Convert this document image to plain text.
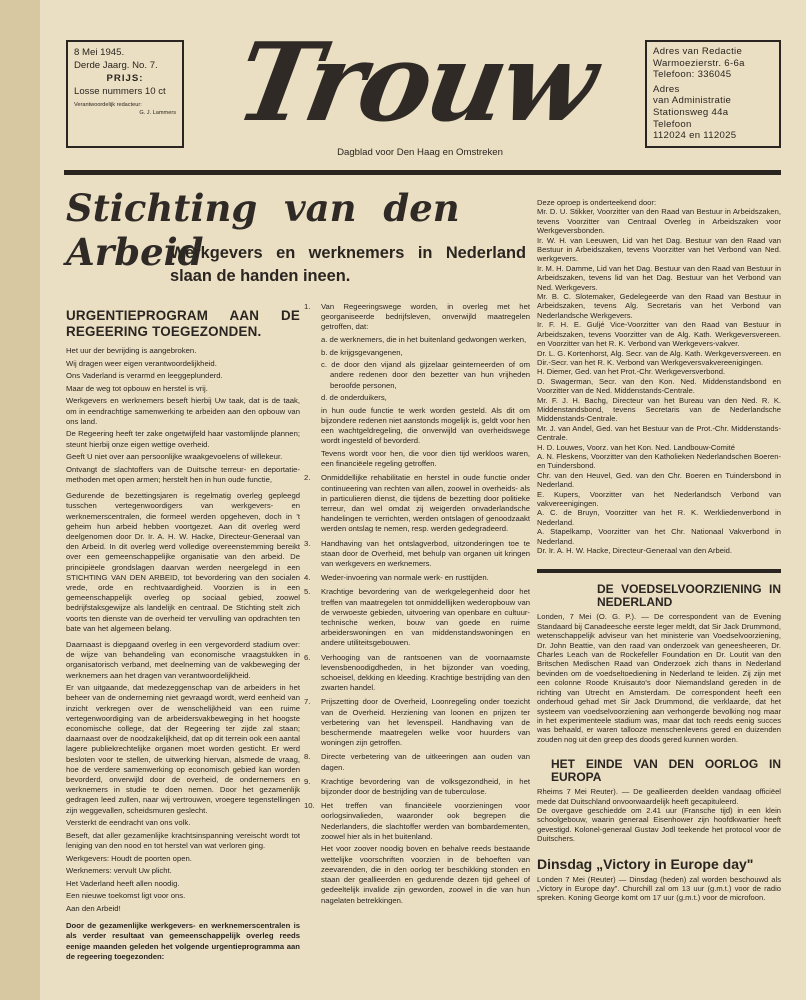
8 Mei 1945.
Derde Jaarg. No. 7.
PRIJS:
Losse nummers 10 ct
Verantwoordelijk redacteur:
G. J. Lammers Trouw
Dagblad voor Den Haag en Omstreken
Adres van Redactie
Warmoezierstr. 6-6a
Telefoon: 336045
Adres
van Administratie
Stationsweg 44a
Telefoon
112024 en 112025
Stichting van den Arbeid
Werkgevers en werknemers in Nederland slaan de handen ineen.
URGENTIEPROGRAM AAN DE REGEERING TOEGEZONDEN.

Het uur der bevrijding is aangebroken.

Wij dragen weer eigen verantwoordelijkheid.

Ons Vaderland is verarmd en leeggeplunderd.

Maar de weg tot opbouw en herstel is vrij.

Werkgevers en werknemers beseft hierbij Uw taak, dat is de taak, om in eendrachtige samenwerking te arbeiden aan den opbouw van ons land.

De Regeering heeft ter zake ongetwijfeld haar vastomlijnde plannen; steunt hierbij onze eigen wettige overheid.

Geeft U niet over aan persoonlijke wraakgevoelens of willekeur.

Ontvangt de slachtoffers van de Duitsche terreur- en deportatie-methoden met open armen; herstelt hen in hun oude functie,

Gedurende de bezettingsjaren is regelmatig overleg gepleegd tusschen vertegenwoordigers van werkgevers- en werknemerscentralen, die formeel werden opgeheven, doch in 't geheim hun arbeid hebben voortgezet. Aan dit overleg werd deelgenomen door Dr. Ir. A. H. W. Hacke, Directeur-Generaal van den Arbeid. In dit overleg werd volledige overeenstemming bereikt over een gemeenschappelijke organisatie van den arbeid. De principiëele grondslagen daarvan werden neergelegd in een STICHTING VAN DEN ARBEID, tot bevordering van den socialen vrede, orde en rechtvaardigheid. Voorzien is in een gemeenschappelijk overleg op sociaal gebied, zoowel bedrijfstaksgewijze als landelijk en centraal. De Stichting stelt zich voorts ten dienste van de overheid ter vervulling van opdrachten ten bate van het algemeen belang.

Daarnaast is diepgaand overleg in een vergevorderd stadium over: de wijze van behandeling van economische vraagstukken in organisatorisch verband, met deelneming van de vakbeweging der werknemers aan het dragen van verantwoordelijkheid.

Er van uitgaande, dat medezeggenschap van de arbeiders in het beheer van de onderneming niet gevraagd wordt, werd eenheid van inzicht verkregen over de wenschelijkheid van een ruime vertegenwoordiging van de arbeidersvakbeweging in het hoogste economische college, dat der Regeering ter zijde zal staan; daarnaast over de noodzakelijkheid, dat op dit terrein ook een aantal lagere publiekrechtelijke organen moet worden gesticht. Er werd besloten voor te stellen, de uitwerking hiervan, alsmede de vraag, hoe de verdere samenwerking op economisch gebied kan worden bevorderd, onverwijld door de overheid, de ondernemers en werknemers in studie te doen nemen. Door het gezamenlijk gedragen leed zullen, naar wij vertrouwen, vroegere tegenstellingen zijn weggevallen, scheidsmuren geslecht.

Versterkt de eendracht van ons volk.

Beseft, dat aller gezamenlijke krachtsinspanning vereischt wordt tot leniging van den nood en tot herstel van wat verloren ging.

Werkgevers: Houdt de poorten open.

Werknemers: vervult Uw plicht.

Het Vaderland heeft allen noodig.

Een nieuwe toekomst ligt voor ons.

Aan den Arbeid!

Door de gezamenlijke werkgevers- en werknemerscentralen is als verder resultaat van gemeenschappelijk overleg reeds eenige maanden geleden het volgende urgentieprogramma aan de regeering toegezonden:

1. Van Regeeringswege worden, in overleg met het georganiseerde bedrijfsleven, onverwijld maatregelen getroffen, dat:

a. de werknemers, die in het buitenland gedwongen werken,

b. de krijgsgevangenen,

c. de door den vijand als gijzelaar geinterneerden of om andere redenen door den bezetter van hun vrijheden beroofde personen,

d. de onderduikers,

in hun oude functie te werk worden gesteld. Als dit om bijzondere redenen niet aanstonds mogelijk is, geldt voor hen een wachtgeldregeling, die onverwijld van overheidswege wordt ingesteld of bevorderd.

Tevens wordt voor hen, die voor dien tijd werkloos waren, een financiëele regeling getroffen.

2. Onmiddellijke rehabilitatie en herstel in oude functie onder continueering van rechten van allen, zoowel in overheids- als in particulieren dienst, die tijdens de bezetting door politieke terreur, dan wel omdat zij weigerden onvaderlandsche handelingen te verrichten, werden ontslagen of genoodzaakt werden ontslag te nemen, resp. werden gedegradeerd.

3. Handhaving van het ontslagverbod, uitzonderingen toe te staan door de Overheid, met behulp van organen uit kringen van werkgevers en werknemers.

4. Weder-invoering van normale werk- en rusttijden.

5. Krachtige bevordering van de werkgelegenheid door het treffen van maatregelen tot onmiddellijken wederopbouw van de verwoeste gebieden, uitvoering van openbare en cultuur-technische werken, bouw van goede en ruime arbeiderswoningen en van middenstandswoningen en andere utiliteitsgebouwen.

6. Verhooging van de rantsoenen van de voornaamste levensbenoodigdheden, in het bijzonder van voeding, schoeisel, dekking en kleeding. Krachtige bestrijding van den zwarten handel.

7. Prijszetting door de Overheid, Loonregeling onder toezicht van de Overheid. Herziening van loonen en prijzen ter verbetering van het levenspeil. Handhaving van de beschermende maatregelen welke voor huurders van woningen zijn getroffen.

8. Directe verbetering van de uitkeeringen aan ouden van dagen.

9. Krachtige bevordering van de volksgezondheid, in het bijzonder door de bestrijding van de tuberculose.

10. Het treffen van financiëele voorzieningen voor oorlogsinvalieden, waaronder ook begrepen die Nederlanders, die slachtoffer werden van bombardementen, zoowel hier als in het buitenland.

Het voor zoover noodig boven en behalve reeds bestaande wettelijke voorschriften voorzien in de behoeften van zeevarenden, die in den oorlog ter beschikking stonden en staan der geallieerden en gedurende dezen tijd geheel of gedeeltelijk invalide zijn geworden, zoowel in die van hun nagelaten betrekkingen.

Deze oproep is onderteekend door:

Mr. D. U. Stikker, Voorzitter van den Raad van Bestuur in Arbeidszaken, tevens Voorzitter van Centraal Overleg in Arbeidszaken voor Werkgeversbonden.

Ir. W. H. van Leeuwen, Lid van het Dag. Bestuur van den Raad van Bestuur in Arbeidszaken, tevens Voorzitter van het Verbond van Ned. werkgevers.

Ir. M. H. Damme, Lid van het Dag. Bestuur van den Raad van Bestuur in Arbeidszaken, tevens lid van het Dag. Bestuur van het Verbond van Ned. Werkgevers.

Mr. B. C. Slotemaker, Gedelegeerde van den Raad van Bestuur in Arbeidszaken, tevens Alg. Secretaris van het Verbond van Nederlandsche Werkgevers.

Ir. F. H. E. Guljé Vice-Voorzitter van den Raad van Bestuur in Arbeidszaken, tevens Voorzitter van de Alg. Kath. Werkgeversvereen. en Voorzitter van het R. K. Verbond van Werkgevers-vakver.

Dr. L. G. Kortenhorst, Alg. Secr. van de Alg. Kath. Werkgeversvereen. en Dir.-Secr. van het R. K. Verbond van Werkgeversvakvereenigingen.

H. Diemer, Ged. van het Prot.-Chr. Werkgeversverbond.

D. Swagerman, Secr. van den Kon. Ned. Middenstandsbond en Voorzitter van de Ned. Middenstands-Centrale.

Mr. F. J. H. Bachg, Directeur van het Bureau van den Ned. R. K. Middenstandsbond, tevens Secretaris van de Nederlandsche Middenstands-Centrale.

Mr. J. van Andel, Ged. van het Bestuur van de Prot.-Chr. Middenstands-Centrale.

H. D. Louwes, Voorz. van het Kon. Ned. Landbouw-Comité

A. N. Fleskens, Voorzitter van den Katholieken Nederlandschen Boeren- en Tuindersbond.

Chr. van den Heuvel, Ged. van den Chr. Boeren en Tuindersbond in Nederland.

E. Kupers, Voorzitter van het Nederlandsch Verbond van vakvereenigingen.

A. C. de Bruyn, Voorzitter van het R. K. Werkliedenverbond in Nederland.

A. Stapelkamp, Voorzitter van het Chr. Nationaal Vakverbond in Nederland.

Dr. Ir. A. H. W. Hacke, Directeur-Generaal van den Arbeid.

DE VOEDSELVOORZIENING IN NEDERLAND

Londen, 7 Mei (O. G. P.). — De correspondent van de Evening Standaard bij Canadeesche eerste leger meldt, dat Sir Jack Drummond, wetenschappelijk adviseur van het ministerie van Voedselvoorziening, Dr. John Beattie, van den raad van onderzoek van geneesheeren, Dr. Charles Leach van de Rockefeller Foundation en Dr. Loutit van den Britschen Medischen Raad van Onderzoek zich thans in Nederland bevinden om de voedseltoediening in Nederland te leiden. Zij zijn met een colonne Roode Kruisauto's door Niemandsland gereden in de richting van Utrecht en Amsterdam. De correspondent heeft een onderhoud gehad met Sir Jack Drummond, die verklaarde, dat het systeem van voedselvoorziening aan verhongerde bevolking nog maar in het experimenteele stadium was, maar dat toch reeds eenig succes was behaald, er waren tallooze menschenlevens gered en duizenden zouden nog uit den greep des doods gered kunnen worden.

HET EINDE VAN DEN OORLOG IN EUROPA

Rheims 7 Mei Reuter). — De geallieerden deelden vandaag officiëel mede dat Duitschland onvoorwaardelijk heeft gecapituleerd.

De overgave geschiedde om 2.41 uur (Fransche tijd) in een klein schoolgebouw, waarin generaal Eisenhower zijn hoofdkwartier heeft gevestigd. Kolonel-generaal Gustav Jodl teekende het protocol voor de Duitschers.

Dinsdag „Victory in Europe day"

Londen 7 Mei (Reuter) — Dinsdag (heden) zal worden beschouwd als „Victory in Europe day". Churchill zal om 13 uur (g.m.t.) voor de radio spreken. Koning George komt om 17 uur (g.m.t.) voor de microfoon.
